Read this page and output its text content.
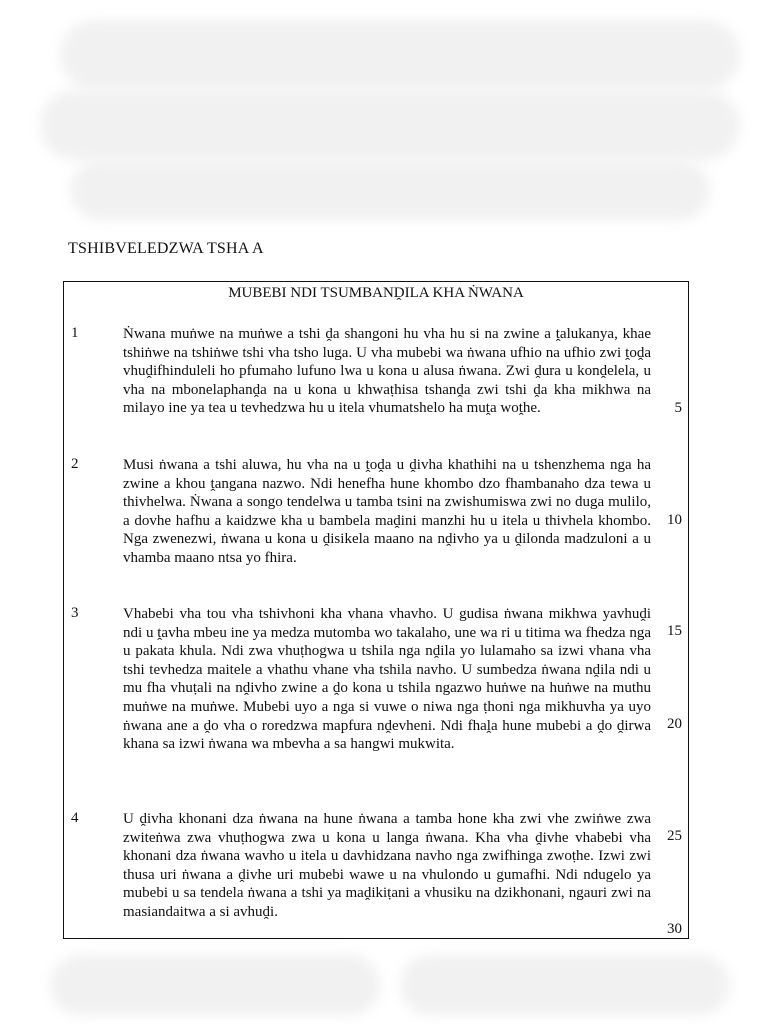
TSHIBVELEDZWA TSHA A
MUBEBI NDI TSUMBANḒILA KHA ṄWANA
1	Ṅwana muṅwe na muṅwe a tshi ḓa shangoni hu vha hu si na zwine a ṱalukanya, khae tshiṅwe na tshiṅwe tshi vha tsho luga. U vha mubebi wa ṅwana ufhio na ufhio zwi ṱoḓa vhuḓifhinduleli ho pfumaho lufuno lwa u kona u alusa ṅwana. Zwi ḓura u konḓelela, u vha na mbonelaphanḓa na u kona u khwaṭhisa tshanḓa zwi tshi ḓa kha mikhwa na milayo ine ya tea u tevhedzwa hu u itela vhumatshelo ha muṱa woṱhe.

2	Musi ṅwana a tshi aluwa, hu vha na u ṱoḓa u ḓivha khathihi na u tshenzhema nga ha zwine a khou ṱangana nazwo. Ndi henefha hune khombo dzo fhambanaho dza tewa u thivhelwa. Ṅwana a songo tendelwa u tamba tsini na zwishumiswa zwi no duga mulilo, a dovhe hafhu a kaidzwe kha u bambela maḓini manzhi hu u itela u thivhela khombo. Nga zwenezwi, ṅwana u kona u ḓisikela maano na nḓivho ya u ḓilonda madzuloni a u vhamba maano ntsa yo fhira.

3	Vhabebi vha tou vha tshivhoni kha vhana vhavho. U gudisa ṅwana mikhwa yavhuḓi ndi u ṱavha mbeu ine ya medza mutomba wo takalaho, une wa ri u titima wa fhedza nga u pakata khula. Ndi zwa vhuṭhogwa u tshila nga nḓila yo lulamaho sa izwi vhana vha tshi tevhedza maitele a vhathu vhane vha tshila navho. U sumbedza ṅwana nḓila ndi u mu fha vhuṭali na nḓivho zwine a ḓo kona u tshila ngazwo huṅwe na huṅwe na muthu muṅwe na muṅwe. Mubebi uyo a nga si vuwe o niwa nga ṭhoni nga mikhuvha ya uyo ṅwana ane a ḓo vha o roredzwa mapfura nḓevheni. Ndi fhaḽa hune mubebi a ḓo ḓirwa khana sa izwi ṅwana wa mbevha a sa hangwi mukwita.

4	U ḓivha khonani dza ṅwana na hune ṅwana a tamba hone kha zwi vhe zwiṅwe zwa zwiteṅwa zwa vhuṭhogwa zwa u kona u langa ṅwana. Kha vha ḓivhe vhabebi vha khonani dza ṅwana wavho u itela u davhidzana navho nga zwifhinga zwoṭhe. Izwi zwi thusa uri ṅwana a ḓivhe uri mubebi wawe u na vhulondo u gumafhi. Ndi ndugelo ya mubebi u sa tendela ṅwana a tshi ya maḓikiṭani a vhusiku na dzikhonani, ngauri zwi na masiandaitwa a si avhuḓi.

5
10
15
20
25
30
